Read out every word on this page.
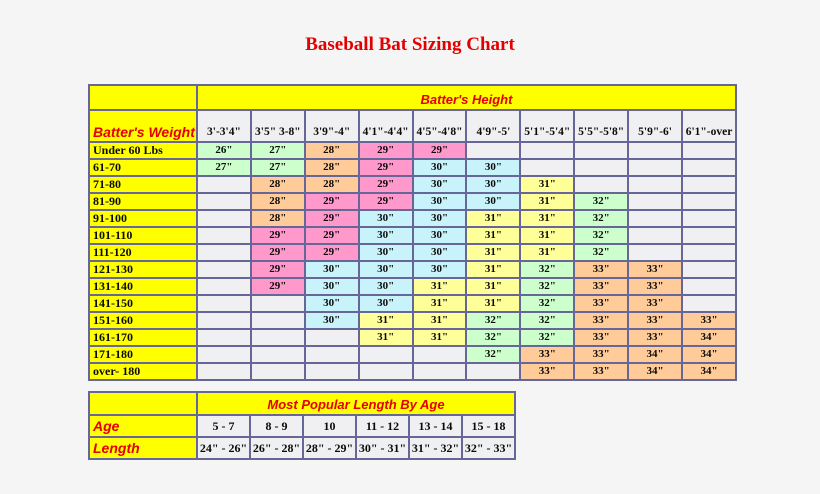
Baseball Bat Sizing Chart
	Batter's Height									
Batter's Weight	3'-3'4"	3'5" 3-8"	3'9"-4"	4'1"-4'4"	4'5"-4'8"	4'9"-5'	5'1"-5'4"	5'5"-5'8"	5'9"-6'	6'1"-over
Under 60 Lbs	26"	27"	28"	29"	29"					
61-70	27"	27"	28"	29"	30"	30"				
71-80		28"	28"	29"	30"	30"	31"			
81-90		28"	29"	29"	30"	30"	31"	32"		
91-100		28"	29"	30"	30"	31"	31"	32"		
101-110		29"	29"	30"	30"	31"	31"	32"		
111-120		29"	29"	30"	30"	31"	31"	32"		
121-130		29"	30"	30"	30"	31"	32"	33"	33"	
131-140		29"	30"	30"	31"	31"	32"	33"	33"	
141-150			30"	30"	31"	31"	32"	33"	33"	
151-160			30"	31"	31"	32"	32"	33"	33"	33"
161-170				31"	31"	32"	32"	33"	33"	34"
171-180						32"	33"	33"	34"	34"
over- 180							33"	33"	34"	34"
	Most Popular Length By Age					
Age	5 - 7	8 - 9	10	11 - 12	13 - 14	15 - 18
Length	24" - 26"	26" - 28"	28" - 29"	30" - 31"	31" - 32"	32" - 33"
